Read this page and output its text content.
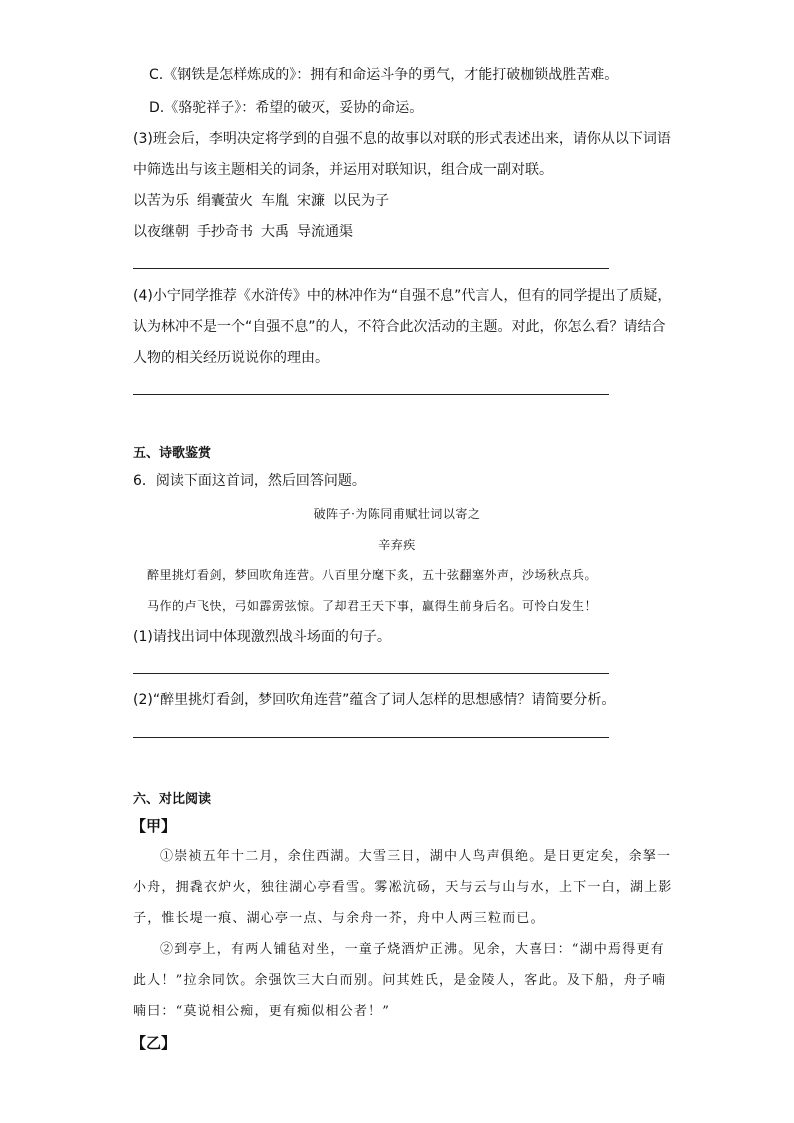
C.《钢铁是怎样炼成的》：拥有和命运斗争的勇气，才能打破枷锁战胜苦难。
D.《骆驼祥子》：希望的破灭，妥协的命运。
(3)班会后，李明决定将学到的自强不息的故事以对联的形式表述出来，请你从以下词语
中筛选出与该主题相关的词条，并运用对联知识，组合成一副对联。
以苦为乐 绢囊萤火 车胤 宋濂 以民为子
以夜继朝 手抄奇书 大禹 导流通渠
(4)小宁同学推荐《水浒传》中的林冲作为“自强不息”代言人，但有的同学提出了质疑，
认为林冲不是一个“自强不息”的人，不符合此次活动的主题。对此，你怎么看？请结合
人物的相关经历说说你的理由。
五、诗歌鉴赏
6．阅读下面这首词，然后回答问题。
破阵子·为陈同甫赋壮词以寄之
辛弃疾
醉里挑灯看剑，梦回吹角连营。八百里分麾下炙，五十弦翻塞外声，沙场秋点兵。
马作的卢飞快，弓如霹雳弦惊。了却君王天下事，赢得生前身后名。可怜白发生！
(1)请找出词中体现激烈战斗场面的句子。
(2)“醉里挑灯看剑，梦回吹角连营”蕴含了词人怎样的思想感情？请简要分析。
六、对比阅读
【甲】
①崇祯五年十二月，余住西湖。大雪三日，湖中人鸟声俱绝。是日更定矣，余拏一
小舟，拥毳衣炉火，独往湖心亭看雪。雾凇沆砀，天与云与山与水，上下一白，湖上影
子，惟长堤一痕、湖心亭一点、与余舟一芥，舟中人两三粒而已。
②到亭上，有两人铺毡对坐，一童子烧酒炉正沸。见余，大喜曰：“湖中焉得更有
此人！”拉余同饮。余强饮三大白而别。问其姓氏，是金陵人，客此。及下船，舟子喃
喃曰：“莫说相公痴，更有痴似相公者！”
【乙】
